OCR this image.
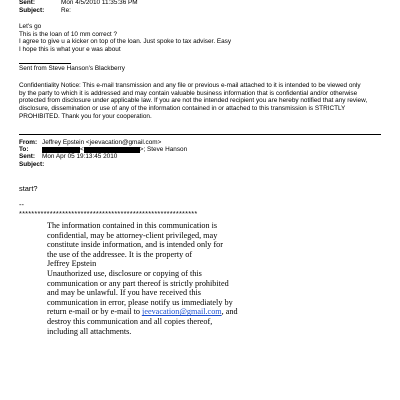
Sent:	Mon 4/5/2010 11:35:36 PM
Subject:	Re:
Let's go
This is the loan of 10 mm correct ?
I agree to give u a kicker on top of the loan. Just spoke to tax adviser. Easy
I hope this is what your e was about
Sent from Steve Hanson's Blackberry
Confidentiality Notice: This e-mail transmission and any file or previous e-mail attached to it is intended to be viewed only by the party to which it is addressed and may contain valuable business information that is confidential and/or otherwise protected from disclosure under applicable law. If you are not the intended recipient you are hereby notified that any review, disclosure, dissemination or use of any of the information contained in or attached to this transmission is STRICTLY PROHIBITED. Thank you for your cooperation.
From: Jeffrey Epstein <jeevacation@gmail.com>
To:	<	>; Steve Hanson
Sent:	Mon Apr 05 19:13:45 2010
Subject:
start?
--
**********************************************************
The information contained in this communication is
confidential, may be attorney-client privileged, may
constitute inside information, and is intended only for
the use of the addressee. It is the property of
Jeffrey Epstein
Unauthorized use, disclosure or copying of this
communication or any part thereof is strictly prohibited
and may be unlawful. If you have received this
communication in error, please notify us immediately by
return e-mail or by e-mail to jeevacation@gmail.com, and
destroy this communication and all copies thereof,
including all attachments.
